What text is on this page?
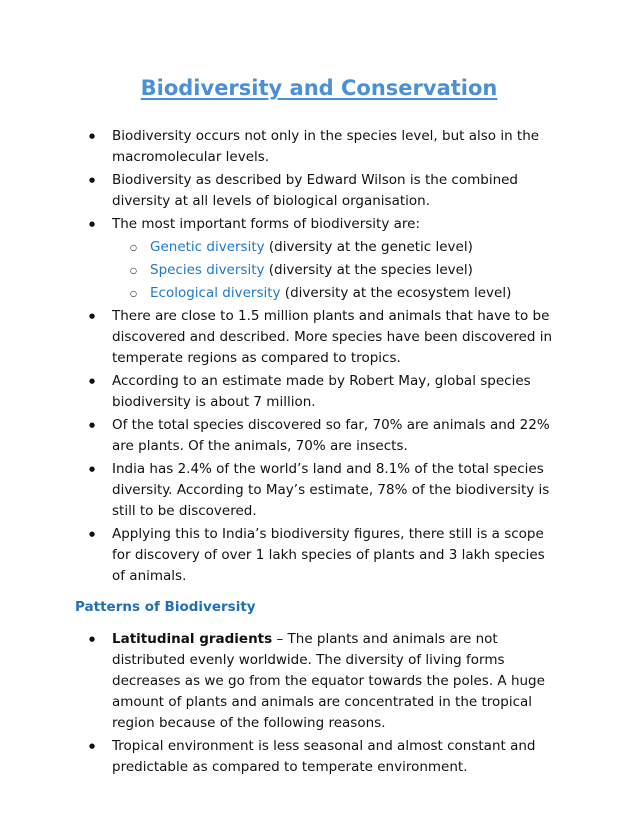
Biodiversity and Conservation
● Biodiversity occurs not only in the species level, but also in the macromolecular levels.
● Biodiversity as described by Edward Wilson is the combined diversity at all levels of biological organisation.
● The most important forms of biodiversity are:
○ Genetic diversity (diversity at the genetic level)
○ Species diversity (diversity at the species level)
○ Ecological diversity (diversity at the ecosystem level)
● There are close to 1.5 million plants and animals that have to be discovered and described. More species have been discovered in temperate regions as compared to tropics.
● According to an estimate made by Robert May, global species biodiversity is about 7 million.
● Of the total species discovered so far, 70% are animals and 22% are plants. Of the animals, 70% are insects.
● India has 2.4% of the world’s land and 8.1% of the total species diversity. According to May’s estimate, 78% of the biodiversity is still to be discovered.
● Applying this to India’s biodiversity figures, there still is a scope for discovery of over 1 lakh species of plants and 3 lakh species of animals.
Patterns of Biodiversity
● Latitudinal gradients – The plants and animals are not distributed evenly worldwide. The diversity of living forms decreases as we go from the equator towards the poles. A huge amount of plants and animals are concentrated in the tropical region because of the following reasons.
● Tropical environment is less seasonal and almost constant and predictable as compared to temperate environment.
